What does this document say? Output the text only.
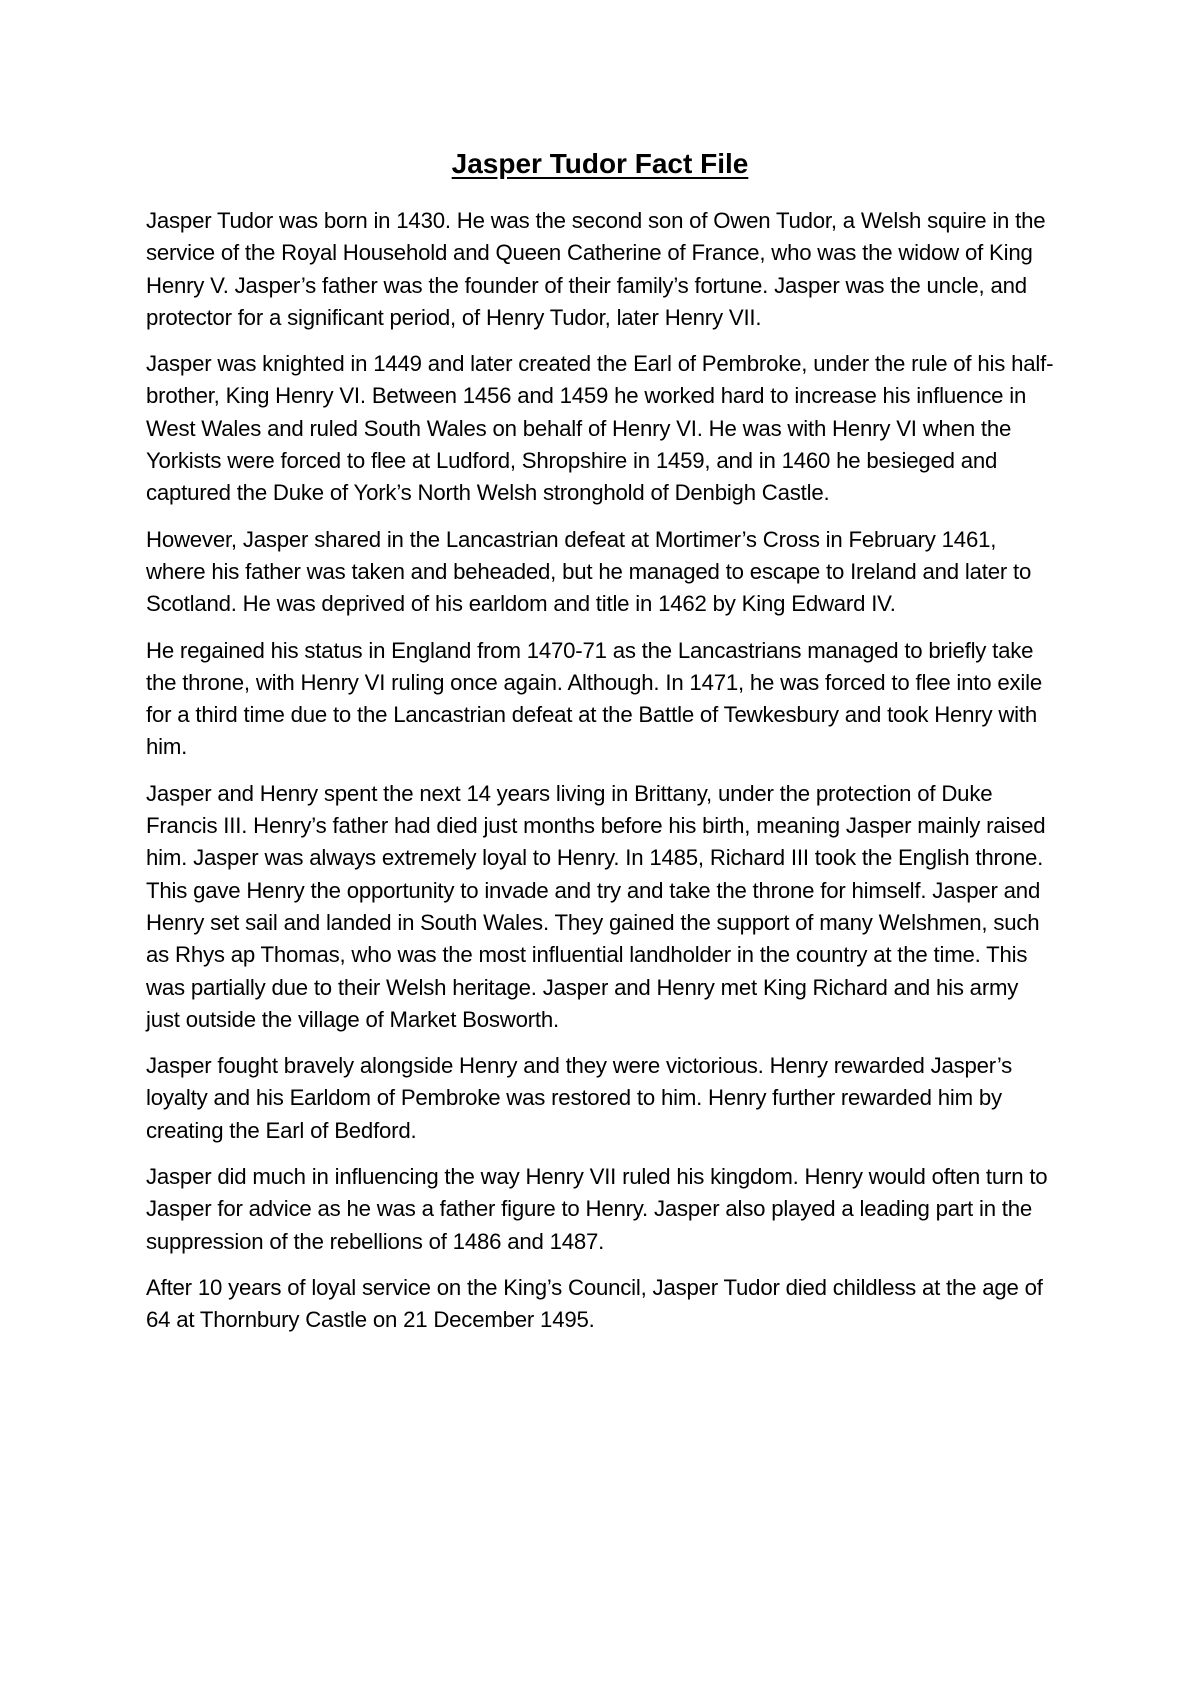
Jasper Tudor Fact File

Jasper Tudor was born in 1430. He was the second son of Owen Tudor, a Welsh squire in the service of the Royal Household and Queen Catherine of France, who was the widow of King Henry V. Jasper’s father was the founder of their family’s fortune. Jasper was the uncle, and protector for a significant period, of Henry Tudor, later Henry VII.

Jasper was knighted in 1449 and later created the Earl of Pembroke, under the rule of his half-brother, King Henry VI. Between 1456 and 1459 he worked hard to increase his influence in West Wales and ruled South Wales on behalf of Henry VI. He was with Henry VI when the Yorkists were forced to flee at Ludford, Shropshire in 1459, and in 1460 he besieged and captured the Duke of York’s North Welsh stronghold of Denbigh Castle.

However, Jasper shared in the Lancastrian defeat at Mortimer’s Cross in February 1461, where his father was taken and beheaded, but he managed to escape to Ireland and later to Scotland. He was deprived of his earldom and title in 1462 by King Edward IV.

He regained his status in England from 1470-71 as the Lancastrians managed to briefly take the throne, with Henry VI ruling once again. Although. In 1471, he was forced to flee into exile for a third time due to the Lancastrian defeat at the Battle of Tewkesbury and took Henry with him.

Jasper and Henry spent the next 14 years living in Brittany, under the protection of Duke Francis III. Henry’s father had died just months before his birth, meaning Jasper mainly raised him. Jasper was always extremely loyal to Henry. In 1485, Richard III took the English throne. This gave Henry the opportunity to invade and try and take the throne for himself. Jasper and Henry set sail and landed in South Wales. They gained the support of many Welshmen, such as Rhys ap Thomas, who was the most influential landholder in the country at the time. This was partially due to their Welsh heritage. Jasper and Henry met King Richard and his army just outside the village of Market Bosworth.

Jasper fought bravely alongside Henry and they were victorious. Henry rewarded Jasper’s loyalty and his Earldom of Pembroke was restored to him. Henry further rewarded him by creating the Earl of Bedford.

Jasper did much in influencing the way Henry VII ruled his kingdom. Henry would often turn to Jasper for advice as he was a father figure to Henry. Jasper also played a leading part in the suppression of the rebellions of 1486 and 1487.

After 10 years of loyal service on the King’s Council, Jasper Tudor died childless at the age of 64 at Thornbury Castle on 21 December 1495.
